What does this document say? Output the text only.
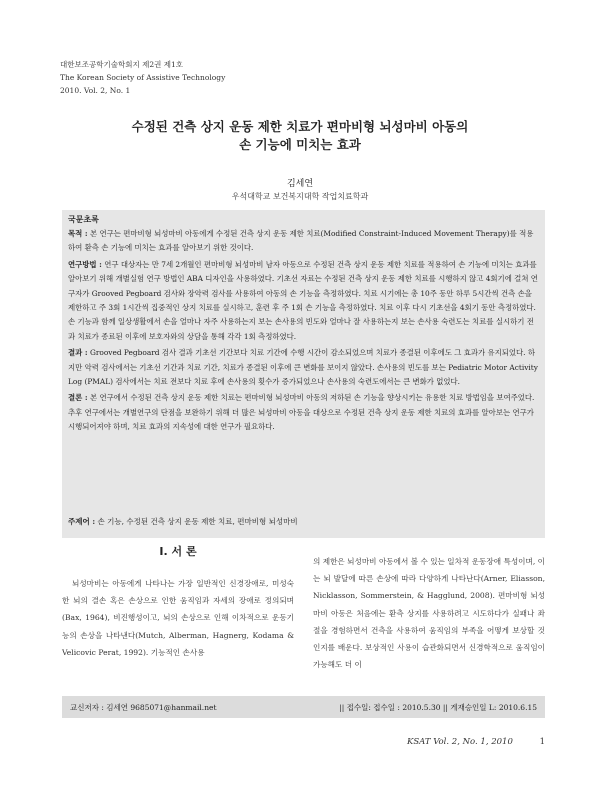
대한보조공학기술학회지 제2권 제1호
The Korean Society of Assistive Technology
2010. Vol. 2, No. 1
수정된 건측 상지 운동 제한 치료가 편마비형 뇌성마비 아동의
손 기능에 미치는 효과
김세연
우석대학교 보건복지대학 작업치료학과
국문초록
목적 : 본 연구는 편마비형 뇌성마비 아동에게 수정된 건측 상지 운동 제한 치료(Modified Constraint-Induced Movement Therapy)를 적용하여 환측 손 기능에 미치는 효과를 알아보기 위한 것이다.
연구방법 : 연구 대상자는 만 7세 2개월인 편마비형 뇌성마비 남자 아동으로 수정된 건측 상지 운동 제한 치료를 적용하여 손 기능에 미치는 효과를 알아보기 위해 개별실험 연구 방법인 ABA 디자인을 사용하였다. 기초선 자료는 수정된 건측 상지 운동 제한 치료를 시행하지 않고 4회기에 걸쳐 연구자가 Grooved Pegboard 검사와 장악력 검사를 사용하여 아동의 손 기능을 측정하였다. 치료 시기에는 총 10주 동안 하루 5시간씩 건측 손을 제한하고 주 3회 1시간씩 집중적인 상지 치료를 실시하고, 훈련 후 주 1회 손 기능을 측정하였다. 치료 이후 다시 기초선을 4회기 동안 측정하였다. 손 기능과 함께 일상생활에서 손을 얼마나 자주 사용하는지 보는 손사용의 빈도와 얼마나 잘 사용하는지 보는 손사용 숙련도는 치료를 실시하기 전과 치료가 종료된 이후에 보호자와의 상담을 통해 각각 1회 측정하였다.
결과 : Grooved Pegboard 검사 결과 기초선 기간보다 치료 기간에 수행 시간이 감소되었으며 치료가 종결된 이후에도 그 효과가 유지되었다. 하지만 악력 검사에서는 기초선 기간과 치료 기간, 치료가 종결된 이후에 큰 변화를 보이지 않았다. 손사용의 빈도를 보는 Pediatric Motor Activity Log (PMAL) 검사에서는 치료 전보다 치료 후에 손사용의 횟수가 증가되었으나 손사용의 숙련도에서는 큰 변화가 없었다.
결론 : 본 연구에서 수정된 건측 상지 운동 제한 치료는 편마비형 뇌성마비 아동의 저하된 손 기능을 향상시키는 유용한 치료 방법임을 보여주었다. 추후 연구에서는 개별연구의 단점을 보완하기 위해 더 많은 뇌성마비 아동을 대상으로 수정된 건측 상지 운동 제한 치료의 효과를 알아보는 연구가 시행되어져야 하며, 치료 효과의 지속성에 대한 연구가 필요하다.
주제어 : 손 기능, 수정된 건측 상지 운동 제한 치료, 편마비형 뇌성마비
I. 서 론
뇌성마비는 아동에게 나타나는 가장 일반적인 신경장애로, 미성숙한 뇌의 결손 혹은 손상으로 인한 움직임과 자세의 장애로 정의되며(Bax, 1964), 비진행성이고, 뇌의 손상으로 인해 이차적으로 운동기능의 손상을 나타낸다(Mutch, Alberman, Hagnerg, Kodama & Velicovic Perat, 1992). 기능적인 손사용
의 제한은 뇌성마비 아동에서 볼 수 있는 일차적 운동장애 특성이며, 이는 뇌 발달에 따른 손상에 따라 다양하게 나타난다(Arner, Eliasson, Nicklasson, Sommerstein, & Hagglund, 2008). 편마비형 뇌성마비 아동은 처음에는 환측 상지를 사용하려고 시도하다가 실패나 좌절을 경험하면서 건측을 사용하여 움직임의 부족을 어떻게 보상할 것인지를 배운다. 보상적인 사용이 습관화되면서 신경학적으로 움직임이 가능해도 더 이
교신저자 : 김세연 9685071@hanmail.net	|| 접수일: 접수일 : 2010.5.30 || 게재승인일 L: 2010.6.15
KSAT Vol. 2, No. 1, 2010	1
